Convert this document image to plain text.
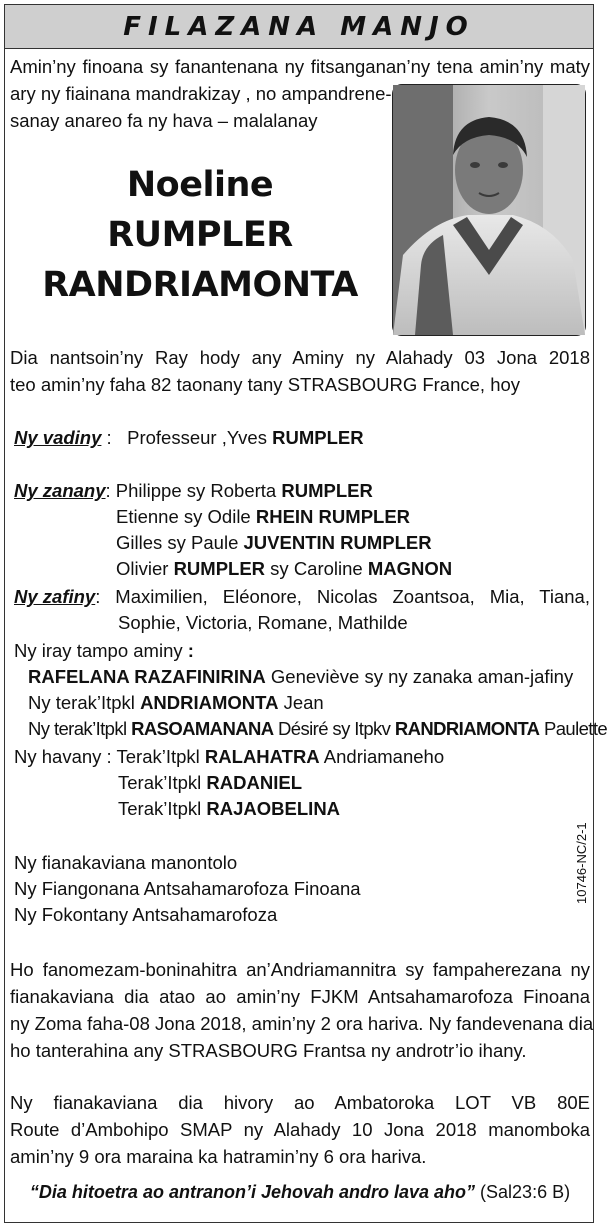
FILAZANA MANJO
Amin’ny finoana sy fanantenana ny fitsanganan’ny tena amin’ny maty
ary ny fiainana mandrakizay , no ampandrene-
sanay anareo fa ny hava – malalanay
Noeline
RUMPLER
RANDRIAMONTA
Dia nantsoin’ny Ray hody any Aminy ny Alahady 03 Jona 2018
teo amin’ny faha 82 taonany tany STRASBOURG France, hoy
Ny vadiny : Professeur ,Yves RUMPLER
Ny zanany: Philippe sy Roberta RUMPLER
Etienne sy Odile RHEIN RUMPLER
Gilles sy Paule JUVENTIN RUMPLER
Olivier RUMPLER sy Caroline MAGNON
Ny zafiny : Maximilien, Eléonore, Nicolas Zoantsoa, Mia, Tiana,
Sophie, Victoria, Romane, Mathilde
Ny iray tampo aminy :
RAFELANA RAZAFINIRINA Geneviève sy ny zanaka aman-jafiny
Ny terak’Itpkl ANDRIAMONTA Jean
Ny terak’Itpkl RASOAMANANA Désiré sy Itpkv RANDRIAMONTA Paulette
Ny havany : Terak’Itpkl RALAHATRA Andriamaneho
Terak’Itpkl RADANIEL
Terak’Itpkl RAJAOBELINA
10746-NC/2-1
Ny fianakaviana manontolo
Ny Fiangonana Antsahamarofoza Finoana
Ny Fokontany Antsahamarofoza
Ho fanomezam-boninahitra an’Andriamannitra sy fampaherezana ny
fianakaviana dia atao ao amin’ny FJKM Antsahamarofoza Finoana
ny Zoma faha-08 Jona 2018, amin’ny 2 ora hariva. Ny fandevenana dia
ho tanterahina any STRASBOURG Frantsa ny androtr’io ihany.
Ny fianakaviana dia hivory ao Ambatoroka LOT VB 80E
Route d’Ambohipo SMAP ny Alahady 10 Jona 2018 manomboka
amin’ny 9 ora maraina ka hatramin’ny 6 ora hariva.
“Dia hitoetra ao antranon’i Jehovah andro lava aho” (Sal23:6 B)
